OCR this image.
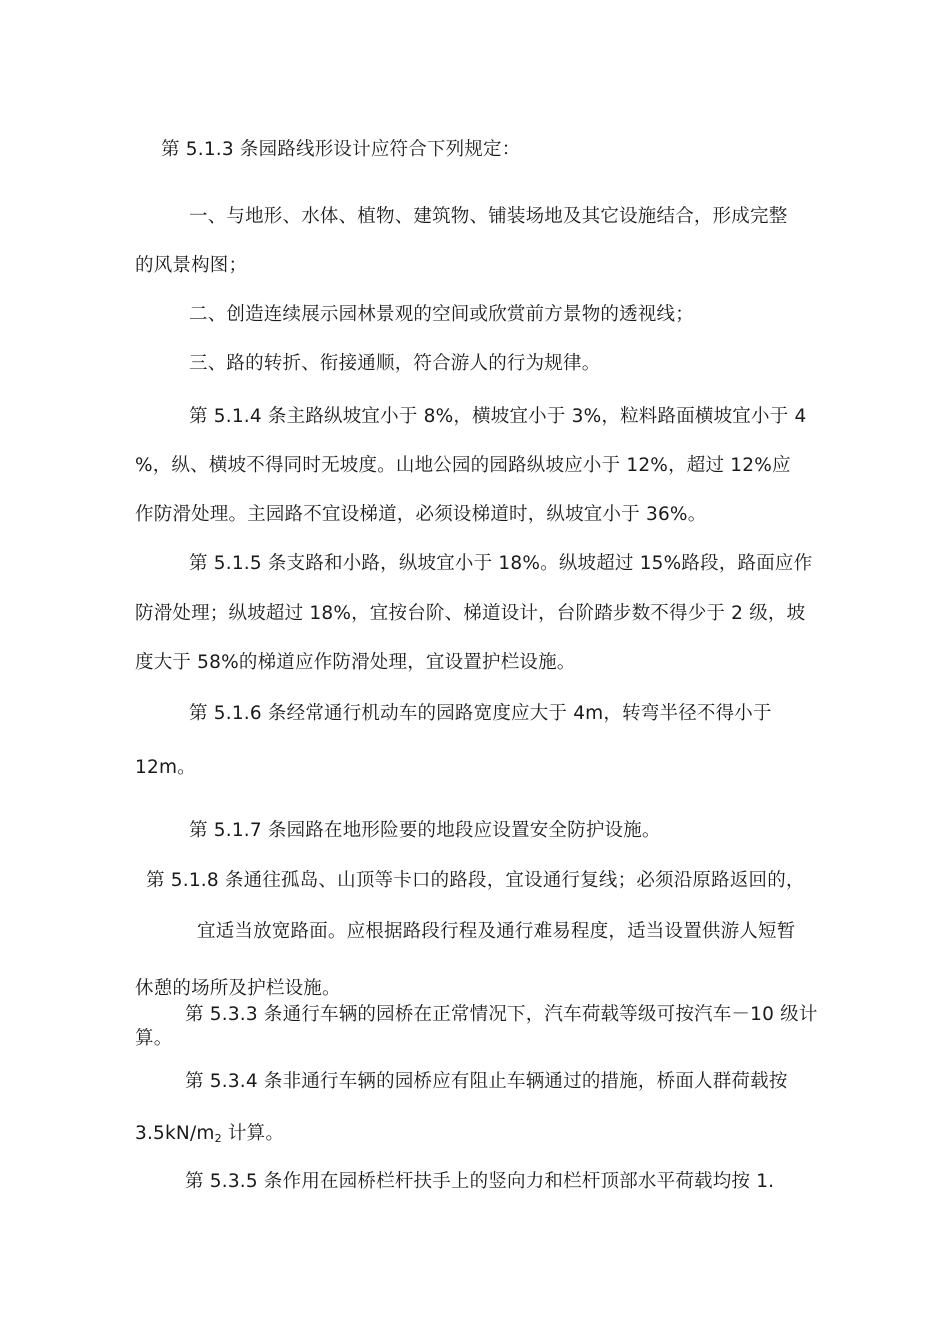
第 5.1.3 条园路线形设计应符合下列规定：
一、与地形、水体、植物、建筑物、铺装场地及其它设施结合，形成完整
的风景构图；
二、创造连续展示园林景观的空间或欣赏前方景物的透视线；
三、路的转折、衔接通顺，符合游人的行为规律。
第 5.1.4 条主路纵坡宜小于 8%，横坡宜小于 3%，粒料路面横坡宜小于 4
%，纵、横坡不得同时无坡度。山地公园的园路纵坡应小于 12%，超过 12%应
作防滑处理。主园路不宜设梯道，必须设梯道时，纵坡宜小于 36%。
第 5.1.5 条支路和小路，纵坡宜小于 18%。纵坡超过 15%路段，路面应作
防滑处理；纵坡超过 18%，宜按台阶、梯道设计，台阶踏步数不得少于 2 级，坡
度大于 58%的梯道应作防滑处理，宜设置护栏设施。
第 5.1.6 条经常通行机动车的园路宽度应大于 4m，转弯半径不得小于
12m。
第 5.1.7 条园路在地形险要的地段应设置安全防护设施。
第 5.1.8 条通往孤岛、山顶等卡口的路段，宜设通行复线；必须沿原路返回的，
宜适当放宽路面。应根据路段行程及通行难易程度，适当设置供游人短暂
休憩的场所及护栏设施。
第 5.3.3 条通行车辆的园桥在正常情况下，汽车荷载等级可按汽车－10 级计
算。
第 5.3.4 条非通行车辆的园桥应有阻止车辆通过的措施，桥面人群荷载按
$3.5kN/m_2$ 计算。
第 5.3.5 条作用在园桥栏杆扶手上的竖向力和栏杆顶部水平荷载均按 1.
